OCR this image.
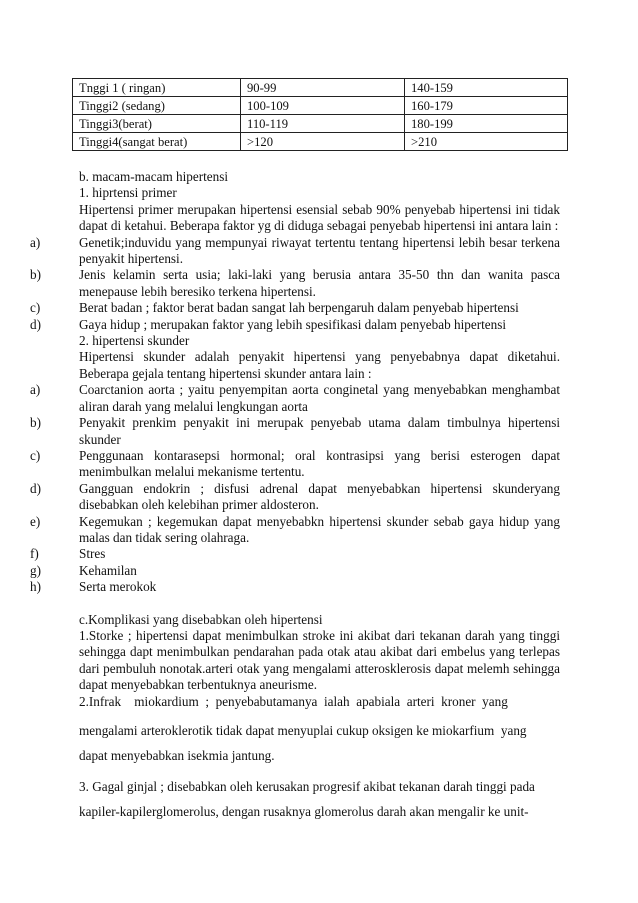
Tnggi 1 ( ringan)	90-99	140-159
Tinggi2 (sedang)	100-109	160-179
Tinggi3(berat)	110-119	180-199
Tinggi4(sangat berat)	>120	>210

b. macam-macam hipertensi

1. hiprtensi primer

Hipertensi primer merupakan hipertensi esensial sebab 90% penyebab hipertensi ini tidak dapat di ketahui. Beberapa faktor yg di diduga sebagai penyebab hipertensi ini antara lain :

a)	Genetik;induvidu yang mempunyai riwayat tertentu tentang hipertensi lebih besar terkena penyakit hipertensi.
b)	Jenis kelamin serta usia; laki-laki yang berusia antara 35-50 thn dan wanita pasca menepause lebih beresiko terkena hipertensi.
c)	Berat badan ; faktor berat badan sangat lah berpengaruh dalam penyebab hipertensi
d)	Gaya hidup ; merupakan faktor yang lebih spesifikasi dalam penyebab hipertensi

2. hipertensi skunder

Hipertensi skunder adalah penyakit hipertensi yang penyebabnya dapat diketahui. Beberapa gejala tentang hipertensi skunder antara lain :

a)	Coarctanion aorta ; yaitu penyempitan aorta conginetal yang menyebabkan menghambat aliran darah yang melalui lengkungan aorta
b)	Penyakit prenkim penyakit ini merupak penyebab utama dalam timbulnya hipertensi skunder
c)	Penggunaan kontarasepsi hormonal; oral kontrasipsi yang berisi esterogen dapat menimbulkan melalui mekanisme tertentu.
d)	Gangguan endokrin ; disfusi adrenal dapat menyebabkan hipertensi skunderyang disebabkan oleh kelebihan primer aldosteron.
e)	Kegemukan ; kegemukan dapat menyebabkn hipertensi skunder sebab gaya hidup yang malas dan tidak sering olahraga.
f)	Stres
g)	Kehamilan
h)	Serta merokok

c.Komplikasi yang disebabkan oleh hipertensi

1.Storke ; hipertensi dapat menimbulkan stroke ini akibat dari tekanan darah yang tinggi sehingga dapt menimbulkan pendarahan pada otak atau akibat dari embelus yang terlepas dari pembuluh nonotak.arteri otak yang mengalami atterosklerosis dapat melemh sehingga dapat menyebabkan terbentuknya aneurisme.

2.Infrak    miokardium  ;  penyebabutamanya  ialah  apabiala  arteri  kroner  yang

mengalami arteroklerotik tidak dapat menyuplai cukup oksigen ke miokarfium  yang

dapat menyebabkan isekmia jantung.

3. Gagal ginjal ; disebabkan oleh kerusakan progresif akibat tekanan darah tinggi pada

kapiler-kapilerglomerolus, dengan rusaknya glomerolus darah akan mengalir ke unit-
